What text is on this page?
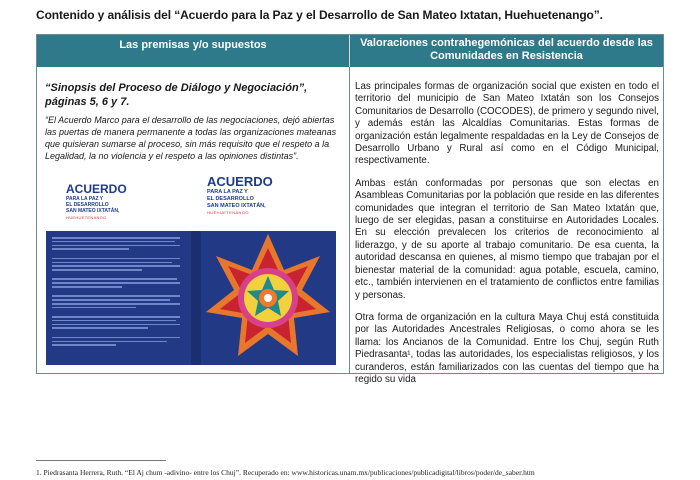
Contenido y análisis del “Acuerdo para la Paz y el Desarrollo de San Mateo Ixtatan, Huehuetenango”.
Las premisas y/o supuestos	Valoraciones contrahegemónicas del acuerdo desde las
Comunidades en Resistencia

“Sinopsis del Proceso de Diálogo y Negociación”, páginas 5, 6 y 7.

“El Acuerdo Marco para el desarrollo de las negociaciones, dejó abiertas las puertas de manera permanente a todas las organizaciones mateanas que quisieran sumarse al proceso, sin más requisito que el respeto a la Legalidad, la no violencia y el respeto a las opiniones distintas”.

ACUERDO
PARA LA PAZ Y
EL DESARROLLO
SAN MATEO IXTATÁN,
HUEHUETENANGO
ACUERDO
PARA LA PAZ Y
EL DESARROLLO
SAN MATEO IXTATÁN,
HUEHUETENANGO

Las principales formas de organización social que existen en todo el territorio del municipio de San Mateo Ixtatán son los Consejos Comunitarios de Desarrollo (COCODES), de primero y segundo nivel, y además están las Alcaldías Comunitarias. Estas formas de organización están legalmente respaldadas en la Ley de Consejos de Desarrollo Urbano y Rural así como en el Código Municipal, respectivamente.

Ambas están conformadas por personas que son electas en Asambleas Comunitarias por la población que reside en las diferentes comunidades que integran el territorio de San Mateo Ixtatán que, luego de ser elegidas, pasan a constituirse en Autoridades Locales. En su elección prevalecen los criterios de reconocimiento al liderazgo, y de su aporte al trabajo comunitario. De esa cuenta, la autoridad descansa en quienes, al mismo tiempo que trabajan por el bienestar material de la comunidad: agua potable, escuela, camino, etc., también intervienen en el tratamiento de conflictos entre familias y personas.

Otra forma de organización en la cultura Maya Chuj está constituida por las Autoridades Ancestrales Religiosas, o como ahora se les llama: los Ancianos de la Comunidad. Entre los Chuj, según Ruth Piedrasanta¹, todas las autoridades, los especialistas religiosos, y los curanderos, están familiarizados con las cuentas del tiempo que ha regido su vida

1. Piedrasanta Herrera, Ruth. “El Aj chum -adivino- entre los Chuj”. Recuperado en: www.historicas.unam.mx/publicaciones/publicadigital/libros/poder/de_saber.htm
